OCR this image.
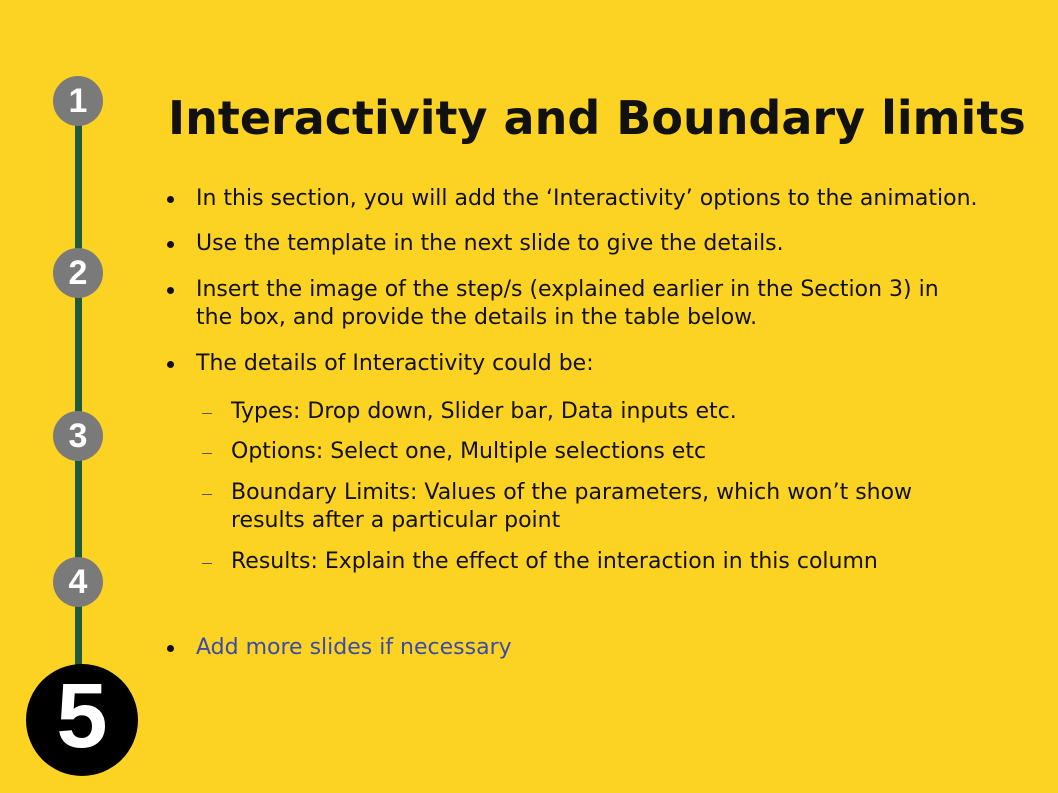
1
2
3
4
5
Interactivity and Boundary limits
In this section, you will add the ‘Interactivity’ options to the animation.
Use the template in the next slide to give the details.
Insert the image of the step/s (explained earlier in the Section 3) in the box, and provide the details in the table below.
The details of Interactivity could be:
Types: Drop down, Slider bar, Data inputs etc.
Options: Select one, Multiple selections etc
Boundary Limits: Values of the parameters, which won’t show results after a particular point
Results: Explain the effect of the interaction in this column
Add more slides if necessary
